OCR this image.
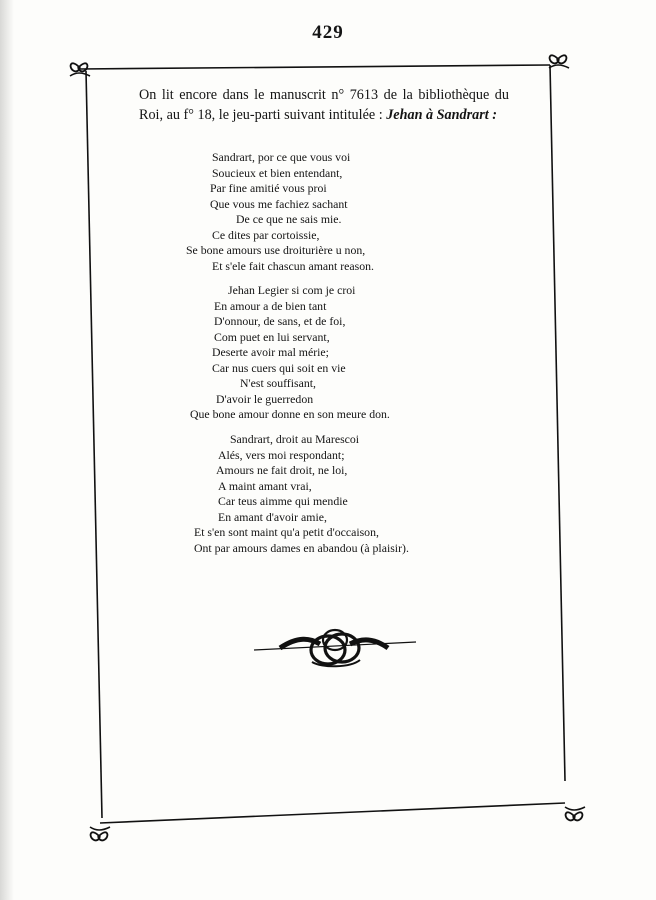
429
On lit encore dans le manuscrit n° 7613 de la bibliothèque du Roi, au f° 18, le jeu-parti suivant intitulée : Jehan à Sandrart :
Sandrart, por ce que vous voi
Soucieux et bien entendant,
Par fine amitié vous proi
Que vous me fachiez sachant
De ce que ne sais mie.
Ce dites par cortoissie,
Se bone amours use droiturière u non,
Et s'ele fait chascun amant reason.
Jehan Legier si com je croi
En amour a de bien tant
D'onnour, de sans, et de foi,
Com puet en lui servant,
Deserte avoir mal mérie;
Car nus cuers qui soit en vie
N'est souffisant,
D'avoir le guerredon
Que bone amour donne en son meure don.
Sandrart, droit au Marescoi
Alés, vers moi respondant;
Amours ne fait droit, ne loi,
A maint amant vrai,
Car teus aimme qui mendie
En amant d'avoir amie,
Et s'en sont maint qu'a petit d'occaison,
Ont par amours dames en abandou (à plaisir).
